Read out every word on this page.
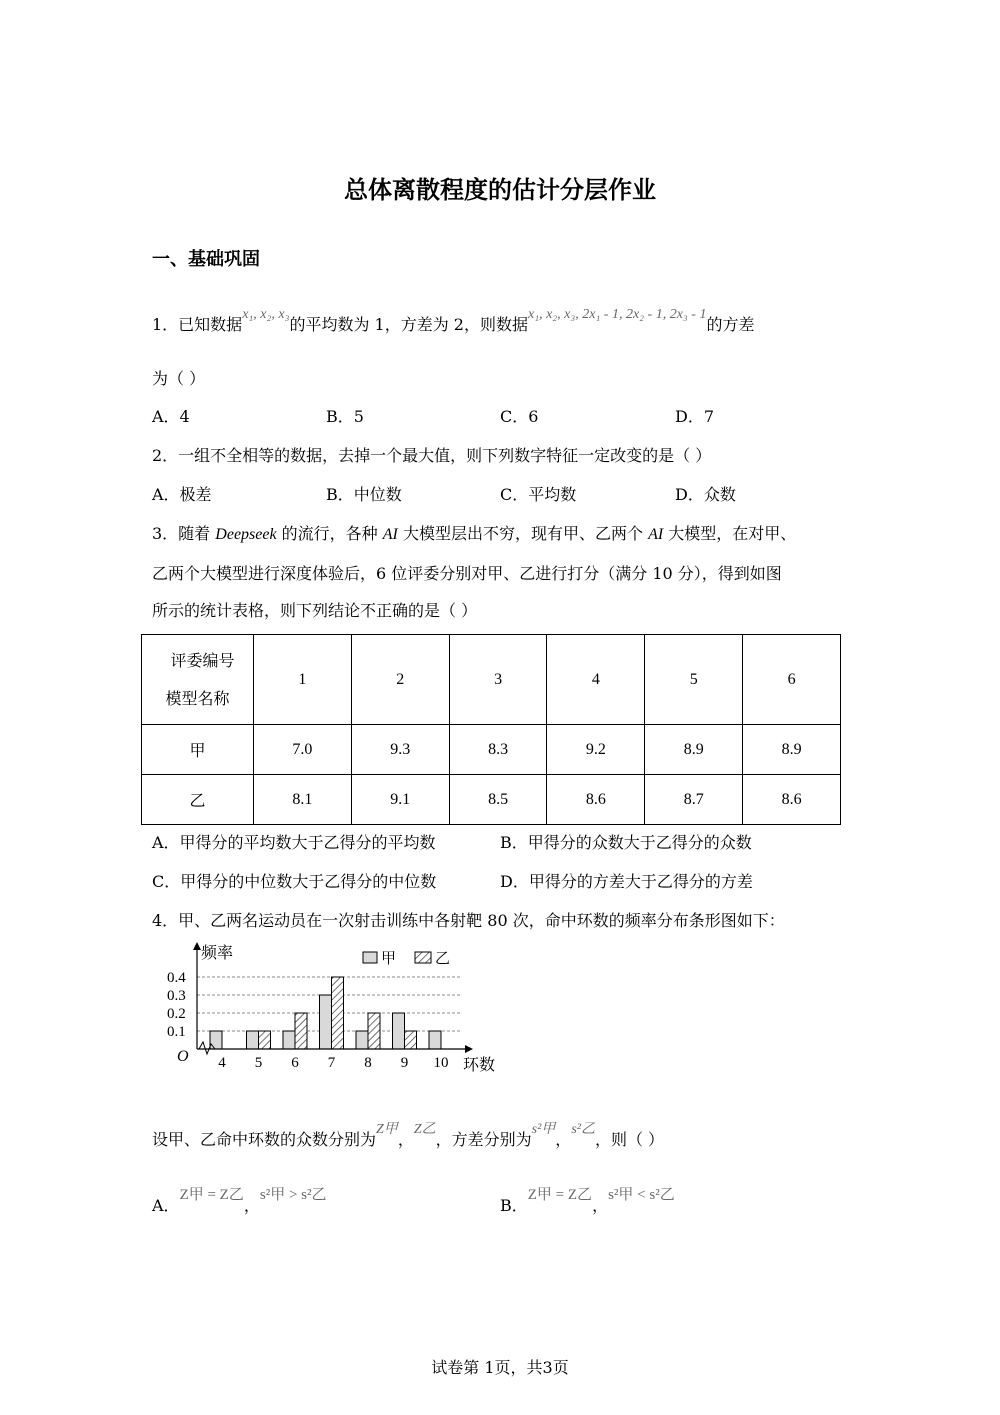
总体离散程度的估计分层作业
一、基础巩固
1．已知数据x₁, x₂, x₃的平均数为 1，方差为 2，则数据x₁, x₂, x₃, 2x₁ - 1, 2x₂ - 1, 2x₃ - 1的方差
为（ ）
A．4	B．5	C．6	D．7
2．一组不全相等的数据，去掉一个最大值，则下列数字特征一定改变的是（ ）
A．极差	B．中位数	C．平均数	D．众数
3．随着 Deepseek 的流行，各种 AI 大模型层出不穷，现有甲、乙两个 AI 大模型，在对甲、
乙两个大模型进行深度体验后，6 位评委分别对甲、乙进行打分（满分 10 分），得到如图
所示的统计表格，则下列结论不正确的是（ ）
评委编号
模型名称	1	2	3	4	5	6
甲	7.0	9.3	8.3	9.2	8.9	8.9
乙	8.1	9.1	8.5	8.6	8.7	8.6
A．甲得分的平均数大于乙得分的平均数	B．甲得分的众数大于乙得分的众数
C．甲得分的中位数大于乙得分的中位数	D．甲得分的方差大于乙得分的方差
4．甲、乙两名运动员在一次射击训练中各射靶 80 次，命中环数的频率分布条形图如下：
0.1
0.2
0.3
0.4
4 5 6 7 8 9 10
频率
环数
O
甲	乙
设甲、乙命中环数的众数分别为Z甲，Z乙，方差分别为s²甲，s²乙，则（ ）
A．Z甲 = Z乙，s²甲 > s²乙
B．Z甲 = Z乙，s²甲 < s²乙
试卷第 1页，共3页
